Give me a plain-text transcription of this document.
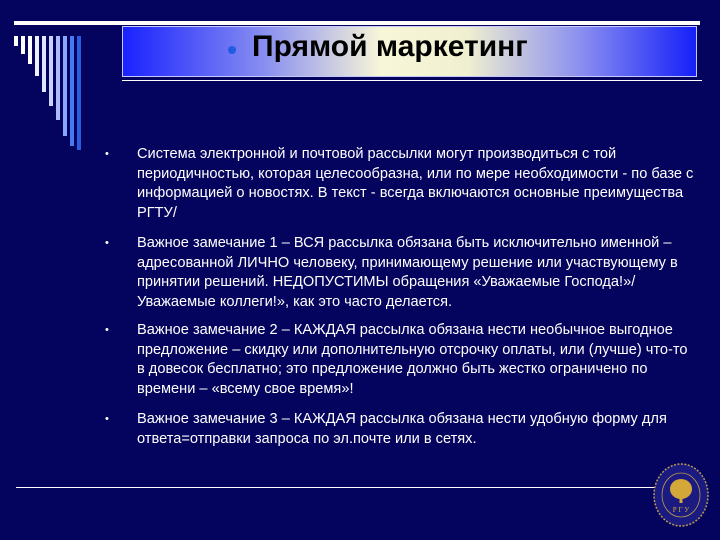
Прямой маркетинг
• Система электронной и почтовой рассылки могут производиться с той периодичностью, которая целесообразна, или по мере необходимости - по базе с информацией о новостях. В текст - всегда включаются основные преимущества РГТУ/
• Важное замечание 1 – ВСЯ рассылка обязана быть исключительно именной – адресованной ЛИЧНО человеку, принимающему решение или участвующему в принятии решений. НЕДОПУСТИМЫ обращения «Уважаемые Господа!»/ Уважаемые коллеги!», как это часто делается.
• Важное замечание 2 – КАЖДАЯ рассылка обязана нести необычное выгодное предложение – скидку или дополнительную отсрочку оплаты, или (лучше) что-то в довесок бесплатно; это предложение должно быть жестко ограничено по времени – «всему свое время»!
• Важное замечание 3 – КАЖДАЯ рассылка обязана нести удобную форму для ответа=отправки запроса по эл.почте или в сетях.
Р Г У
